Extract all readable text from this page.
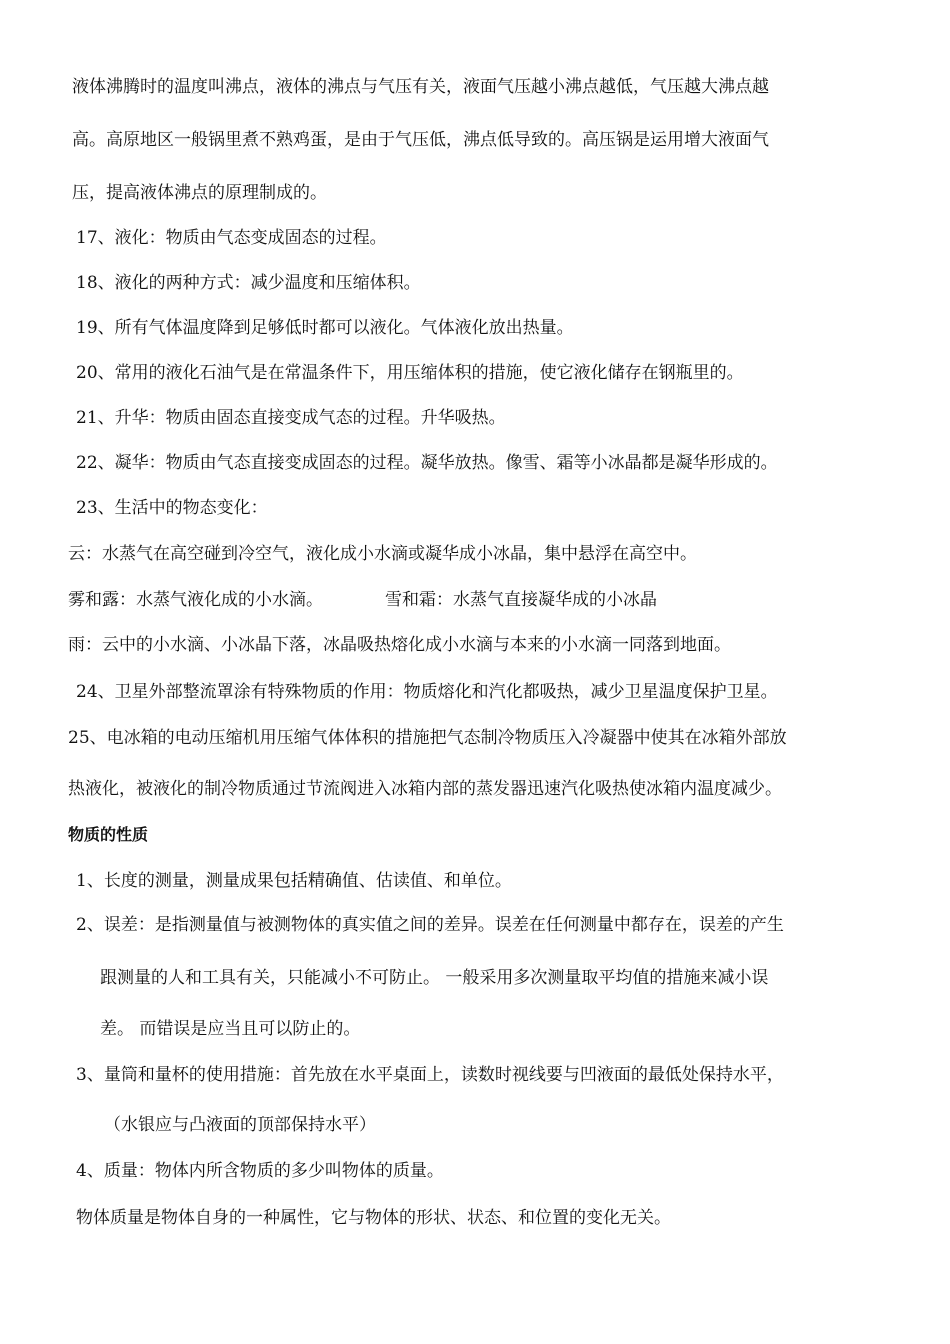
液体沸腾时的温度叫沸点，液体的沸点与气压有关，液面气压越小沸点越低，气压越大沸点越
高。高原地区一般锅里煮不熟鸡蛋，是由于气压低，沸点低导致的。高压锅是运用增大液面气
压，提高液体沸点的原理制成的。
17、液化：物质由气态变成固态的过程。
18、液化的两种方式：减少温度和压缩体积。
19、所有气体温度降到足够低时都可以液化。气体液化放出热量。
20、常用的液化石油气是在常温条件下，用压缩体积的措施，使它液化储存在钢瓶里的。
21、升华：物质由固态直接变成气态的过程。升华吸热。
22、凝华：物质由气态直接变成固态的过程。凝华放热。像雪、霜等小冰晶都是凝华形成的。
23、生活中的物态变化：
云：水蒸气在高空碰到冷空气，液化成小水滴或凝华成小冰晶，集中悬浮在高空中。
雾和露：水蒸气液化成的小水滴。	雪和霜：水蒸气直接凝华成的小冰晶
雨：云中的小水滴、小冰晶下落，冰晶吸热熔化成小水滴与本来的小水滴一同落到地面。
24、卫星外部整流罩涂有特殊物质的作用：物质熔化和汽化都吸热，减少卫星温度保护卫星。
25、电冰箱的电动压缩机用压缩气体体积的措施把气态制冷物质压入冷凝器中使其在冰箱外部放
热液化，被液化的制冷物质通过节流阀进入冰箱内部的蒸发器迅速汽化吸热使冰箱内温度减少。
物质的性质
1、长度的测量，测量成果包括精确值、估读值、和单位。
2、误差：是指测量值与被测物体的真实值之间的差异。误差在任何测量中都存在，误差的产生
跟测量的人和工具有关，只能减小不可防止。 一般采用多次测量取平均值的措施来减小误
差。 而错误是应当且可以防止的。
3、量筒和量杯的使用措施：首先放在水平桌面上，读数时视线要与凹液面的最低处保持水平，
（水银应与凸液面的顶部保持水平）
4、质量：物体内所含物质的多少叫物体的质量。
物体质量是物体自身的一种属性，它与物体的形状、状态、和位置的变化无关。
